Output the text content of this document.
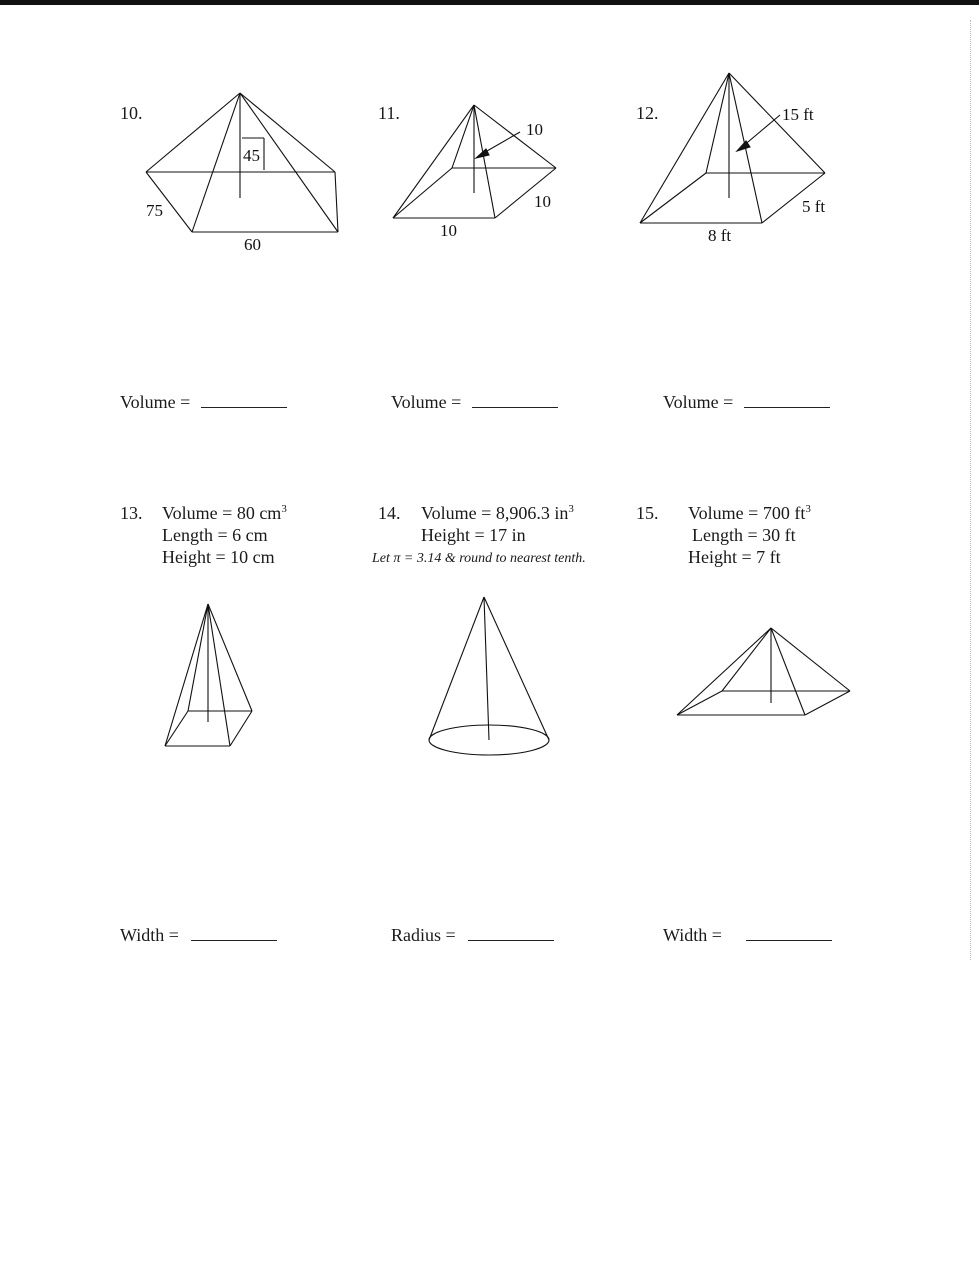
10.	11.	12.
45
75
60
10
10
10
15 ft
5 ft
8 ft
Volume =	Volume =	Volume =
13. Volume = 80 $cm^3$
Length = 6 cm
Height = 10 cm
14. Volume = 8,906.3 $in^3$
Height = 17 in
Let π = 3.14 & round to nearest tenth.
15. Volume = 700 $ft^3$
Length = 30 ft
Height = 7 ft
Width =	Radius =	Width =
